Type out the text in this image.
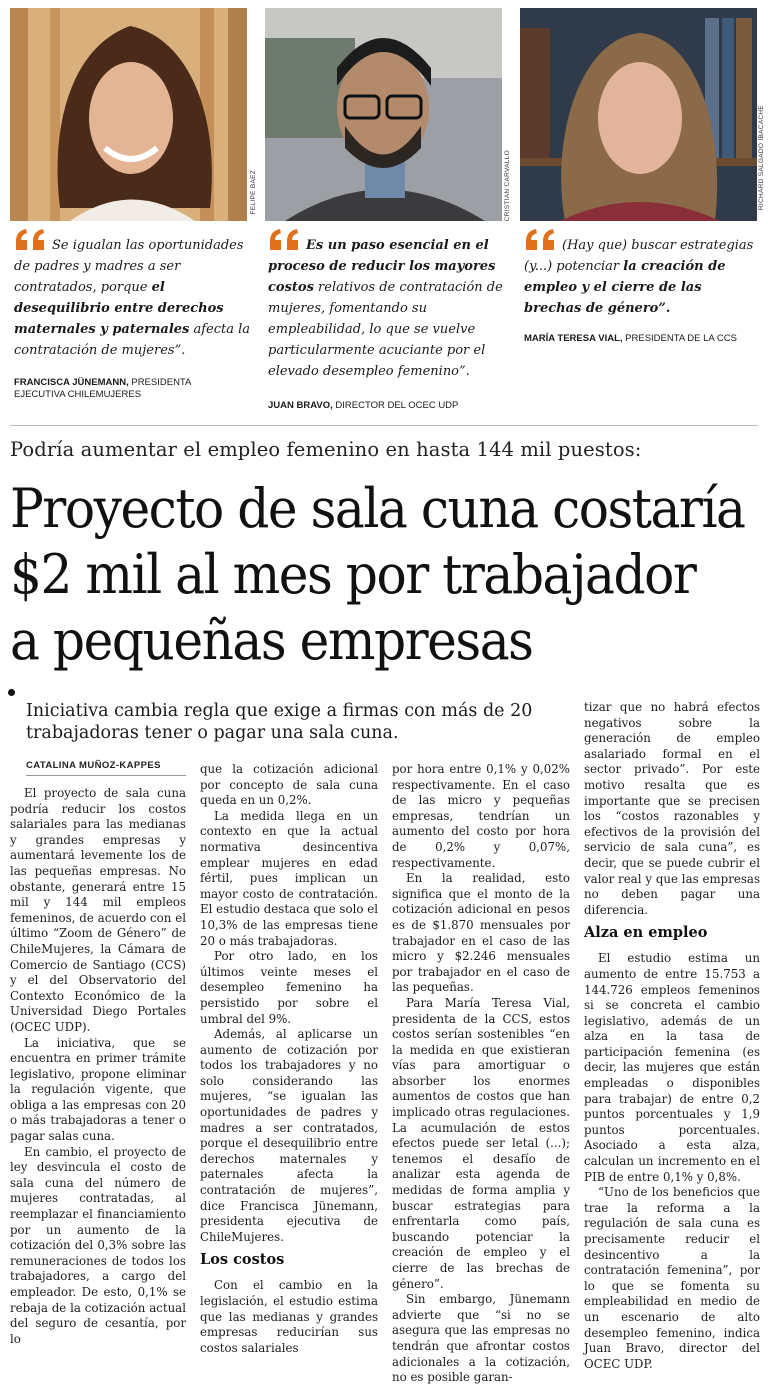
FELIPE BAEZ	CRISTIAN CARVALLO	RICHARD SALGADO IBACACHE
Se igualan las oportunidades de padres y madres a ser contratados, porque el desequilibrio entre derechos maternales y paternales afecta la contratación de mujeres”.
FRANCISCA JÜNEMANN, PRESIDENTA EJECUTIVA CHILEMUJERES
Es un paso esencial en el proceso de reducir los mayores costos relativos de contratación de mujeres, fomentando su empleabilidad, lo que se vuelve particularmente acuciante por el elevado desempleo femenino”.
JUAN BRAVO, DIRECTOR DEL OCEC UDP
(Hay que) buscar estrategias (y...) potenciar la creación de empleo y el cierre de las brechas de género”.
MARÍA TERESA VIAL, PRESIDENTA DE LA CCS
Podría aumentar el empleo femenino en hasta 144 mil puestos:
Proyecto de sala cuna costaría
$2 mil al mes por trabajador
a pequeñas empresas
Iniciativa cambia regla que exige a firmas con más de 20 trabajadoras tener o pagar una sala cuna.
CATALINA MUÑOZ-KAPPES

El proyecto de sala cuna podría reducir los costos salariales para las medianas y grandes empresas y aumentará levemente los de las pequeñas empresas. No obstante, generará entre 15 mil y 144 mil empleos femeninos, de acuerdo con el último “Zoom de Género” de ChileMujeres, la Cámara de Comercio de Santiago (CCS) y el del Observatorio del Contexto Económico de la Universidad Diego Portales (OCEC UDP).

La iniciativa, que se encuentra en primer trámite legislativo, propone eliminar la regulación vigente, que obliga a las empresas con 20 o más trabajadoras a tener o pagar salas cuna.

En cambio, el proyecto de ley desvincula el costo de sala cuna del número de mujeres contratadas, al reemplazar el financiamiento por un aumento de la cotización del 0,3% sobre las remuneraciones de todos los trabajadores, a cargo del empleador. De esto, 0,1% se rebaja de la cotización actual del seguro de cesantía, por lo

que la cotización adicional por concepto de sala cuna queda en un 0,2%.

La medida llega en un contexto en que la actual normativa desincentiva emplear mujeres en edad fértil, pues implican un mayor costo de contratación. El estudio destaca que solo el 10,3% de las empresas tiene 20 o más trabajadoras.

Por otro lado, en los últimos veinte meses el desempleo femenino ha persistido por sobre el umbral del 9%.

Además, al aplicarse un aumento de cotización por todos los trabajadores y no solo considerando las mujeres, “se igualan las oportunidades de padres y madres a ser contratados, porque el desequilibrio entre derechos maternales y paternales afecta la contratación de mujeres”, dice Francisca Jünemann, presidenta ejecutiva de ChileMujeres.

Los costos

Con el cambio en la legislación, el estudio estima que las medianas y grandes empresas reducirían sus costos salariales

por hora entre 0,1% y 0,02% respectivamente. En el caso de las micro y pequeñas empresas, tendrían un aumento del costo por hora de 0,2% y 0,07%, respectivamente.

En la realidad, esto significa que el monto de la cotización adicional en pesos es de $1.870 mensuales por trabajador en el caso de las micro y $2.246 mensuales por trabajador en el caso de las pequeñas.

Para María Teresa Vial, presidenta de la CCS, estos costos serían sostenibles “en la medida en que existieran vías para amortiguar o absorber los enormes aumentos de costos que han implicado otras regulaciones. La acumulación de estos efectos puede ser letal (...); tenemos el desafío de analizar esta agenda de medidas de forma amplia y buscar estrategias para enfrentarla como país, buscando potenciar la creación de empleo y el cierre de las brechas de género”.

Sin embargo, Jünemann advierte que “si no se asegura que las empresas no tendrán que afrontar costos adicionales a la cotización, no es posible garan-

tizar que no habrá efectos negativos sobre la generación de empleo asalariado formal en el sector privado”. Por este motivo resalta que es importante que se precisen los “costos razonables y efectivos de la provisión del servicio de sala cuna”, es decir, que se puede cubrir el valor real y que las empresas no deben pagar una diferencia.

Alza en empleo

El estudio estima un aumento de entre 15.753 a 144.726 empleos femeninos si se concreta el cambio legislativo, además de un alza en la tasa de participación femenina (es decir, las mujeres que están empleadas o disponibles para trabajar) de entre 0,2 puntos porcentuales y 1,9 puntos porcentuales. Asociado a esta alza, calculan un incremento en el PIB de entre 0,1% y 0,8%.

“Uno de los beneficios que trae la reforma a la regulación de sala cuna es precisamente reducir el desincentivo a la contratación femenina”, por lo que se fomenta su empleabilidad en medio de un escenario de alto desempleo femenino, indica Juan Bravo, director del OCEC UDP.
